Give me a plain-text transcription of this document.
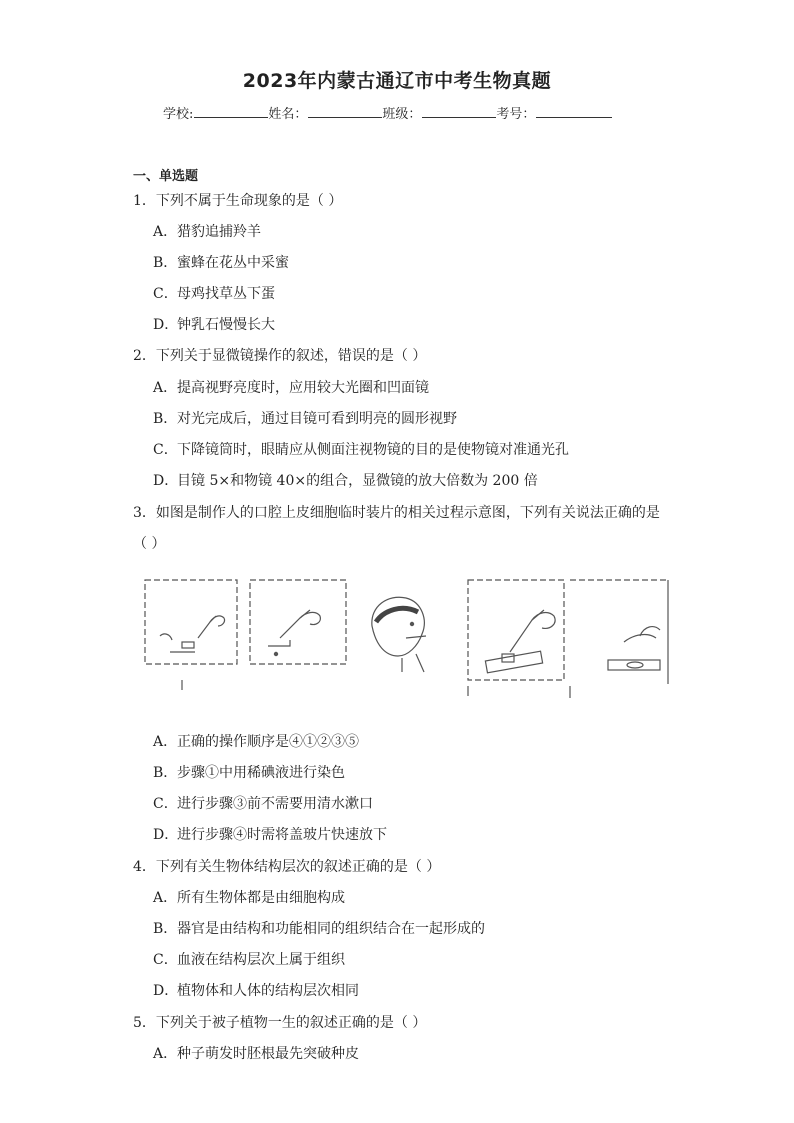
2023年内蒙古通辽市中考生物真题
学校:	姓名：	班级：	考号：
一、单选题
1．下列不属于生命现象的是（ ）
A．猎豹追捕羚羊
B．蜜蜂在花丛中采蜜
C．母鸡找草丛下蛋
D．钟乳石慢慢长大
2．下列关于显微镜操作的叙述，错误的是（ ）
A．提高视野亮度时，应用较大光圈和凹面镜
B．对光完成后，通过目镜可看到明亮的圆形视野
C．下降镜筒时，眼睛应从侧面注视物镜的目的是使物镜对准通光孔
D．目镜 5×和物镜 40×的组合，显微镜的放大倍数为 200 倍
3．如图是制作人的口腔上皮细胞临时装片的相关过程示意图，下列有关说法正确的是
（ ）
A．正确的操作顺序是④①②③⑤
B．步骤①中用稀碘液进行染色
C．进行步骤③前不需要用清水漱口
D．进行步骤④时需将盖玻片快速放下
4．下列有关生物体结构层次的叙述正确的是（ ）
A．所有生物体都是由细胞构成
B．器官是由结构和功能相同的组织结合在一起形成的
C．血液在结构层次上属于组织
D．植物体和人体的结构层次相同
5．下列关于被子植物一生的叙述正确的是（ ）
A．种子萌发时胚根最先突破种皮
